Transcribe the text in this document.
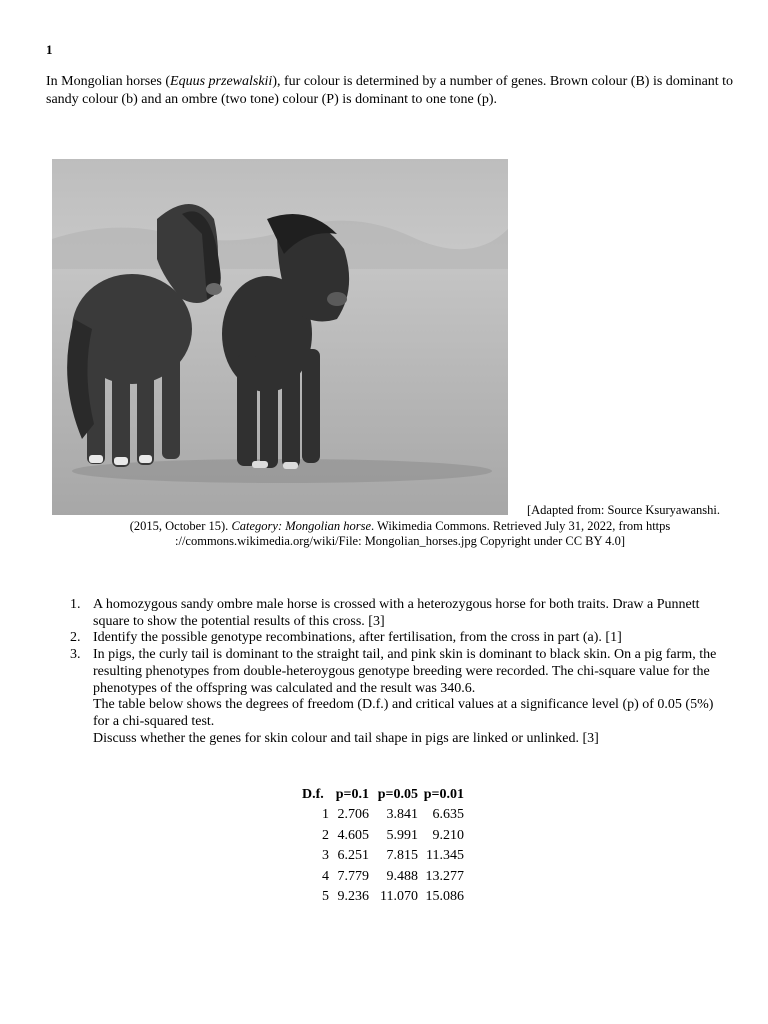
1
In Mongolian horses (Equus przewalskii), fur colour is determined by a number of genes. Brown colour (B) is dominant to sandy colour (b) and an ombre (two tone) colour (P) is dominant to one tone (p).
[Adapted from: Source Ksuryawanshi.
(2015, October 15). Category: Mongolian horse. Wikimedia Commons. Retrieved July 31, 2022, from https
://commons.wikimedia.org/wiki/File: Mongolian_horses.jpg Copyright under CC BY 4.0]
1. A homozygous sandy ombre male horse is crossed with a heterozygous horse for both traits. Draw a Punnett square to show the potential results of this cross. [3]
2. Identify the possible genotype recombinations, after fertilisation, from the cross in part (a). [1]
3. In pigs, the curly tail is dominant to the straight tail, and pink skin is dominant to black skin. On a pig farm, the resulting phenotypes from double-heteroygous genotype breeding were recorded. The chi-square value for the phenotypes of the offspring was calculated and the result was 340.6.
The table below shows the degrees of freedom (D.f.) and critical values at a significance level (p) of 0.05 (5%) for a chi-squared test.
Discuss whether the genes for skin colour and tail shape in pigs are linked or unlinked. [3]
D.f.	p=0.1	p=0.05	p=0.01
1	2.706	3.841	6.635
2	4.605	5.991	9.210
3	6.251	7.815	11.345
4	7.779	9.488	13.277
5	9.236	11.070	15.086
